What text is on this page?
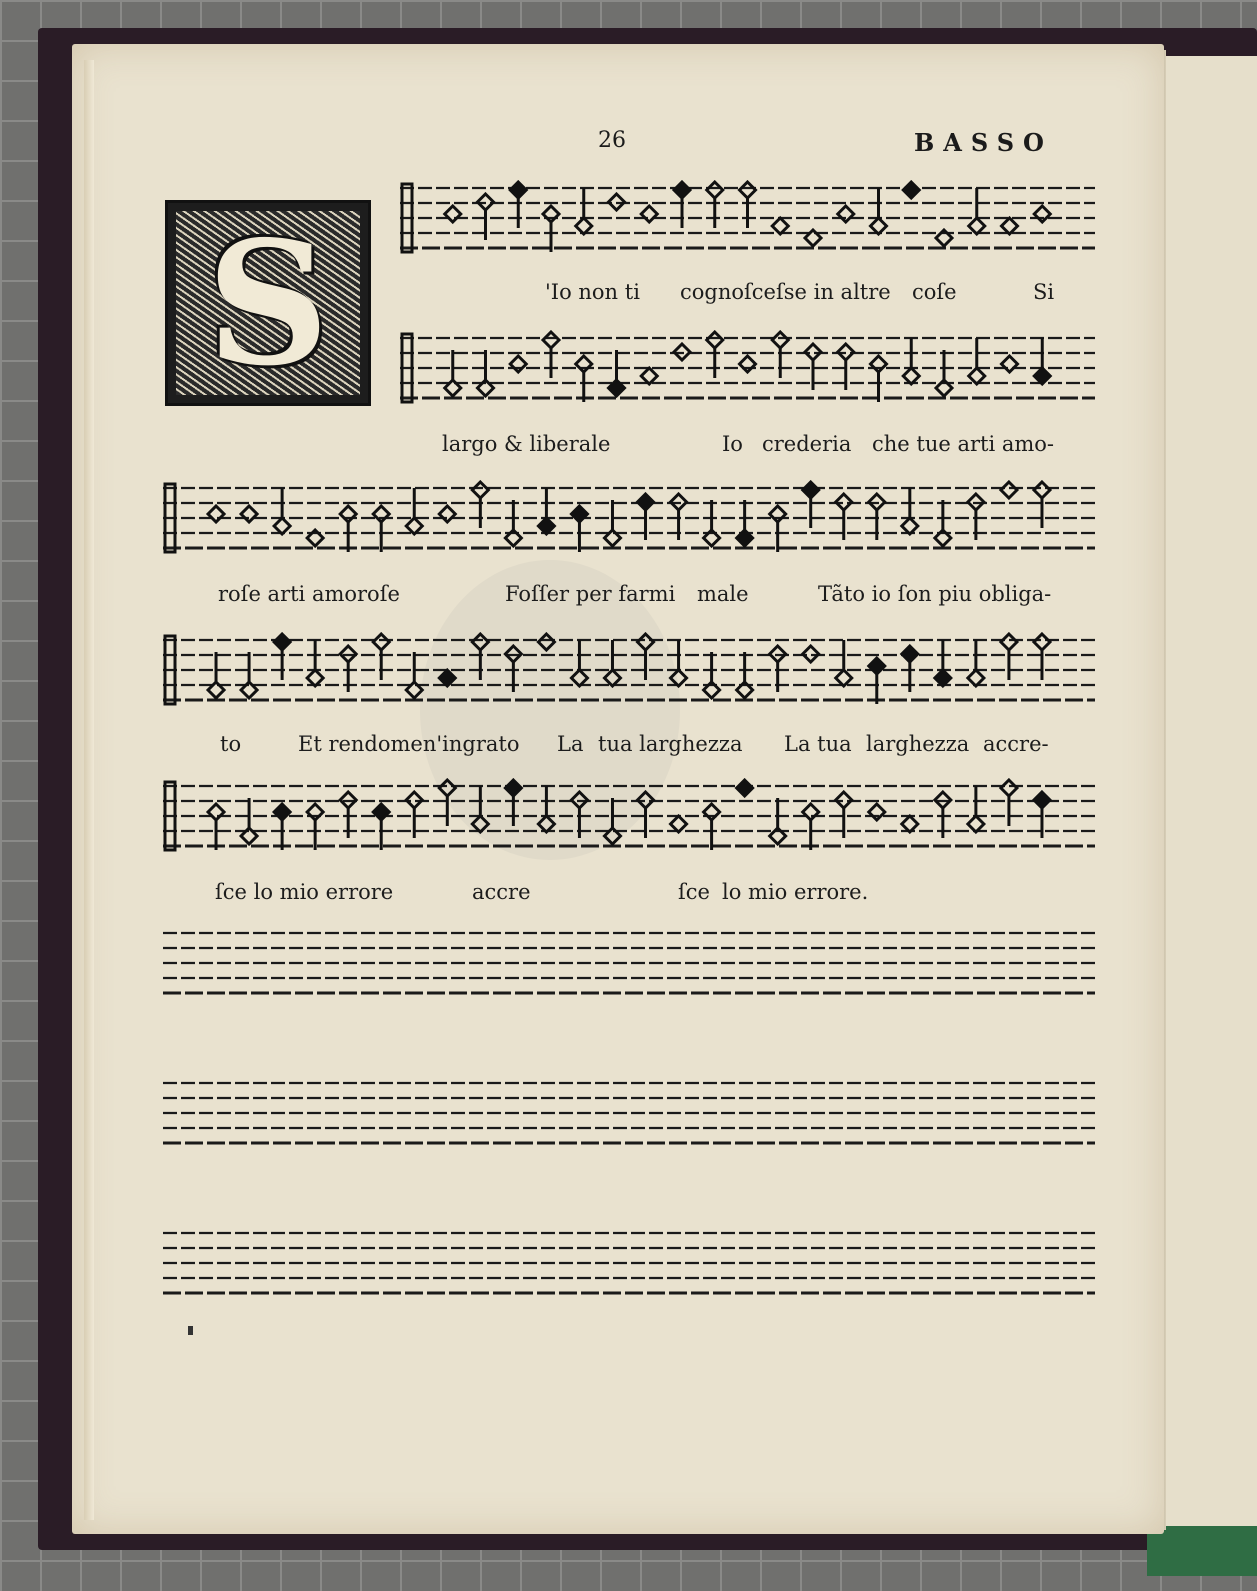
26	BASSO
S	'Io non ti cognoſceſse in altre coſe	Si
largo & liberale	Io crederia che tue arti amo-
roſe arti amoroſe	Foſſer per farmi male	Tãto io ſon piu obliga-
to	Et rendomen'ingrato La tua larghezza La tua larghezza accre-
ſce lo mio errore	accre	ſce lo mio errore.
